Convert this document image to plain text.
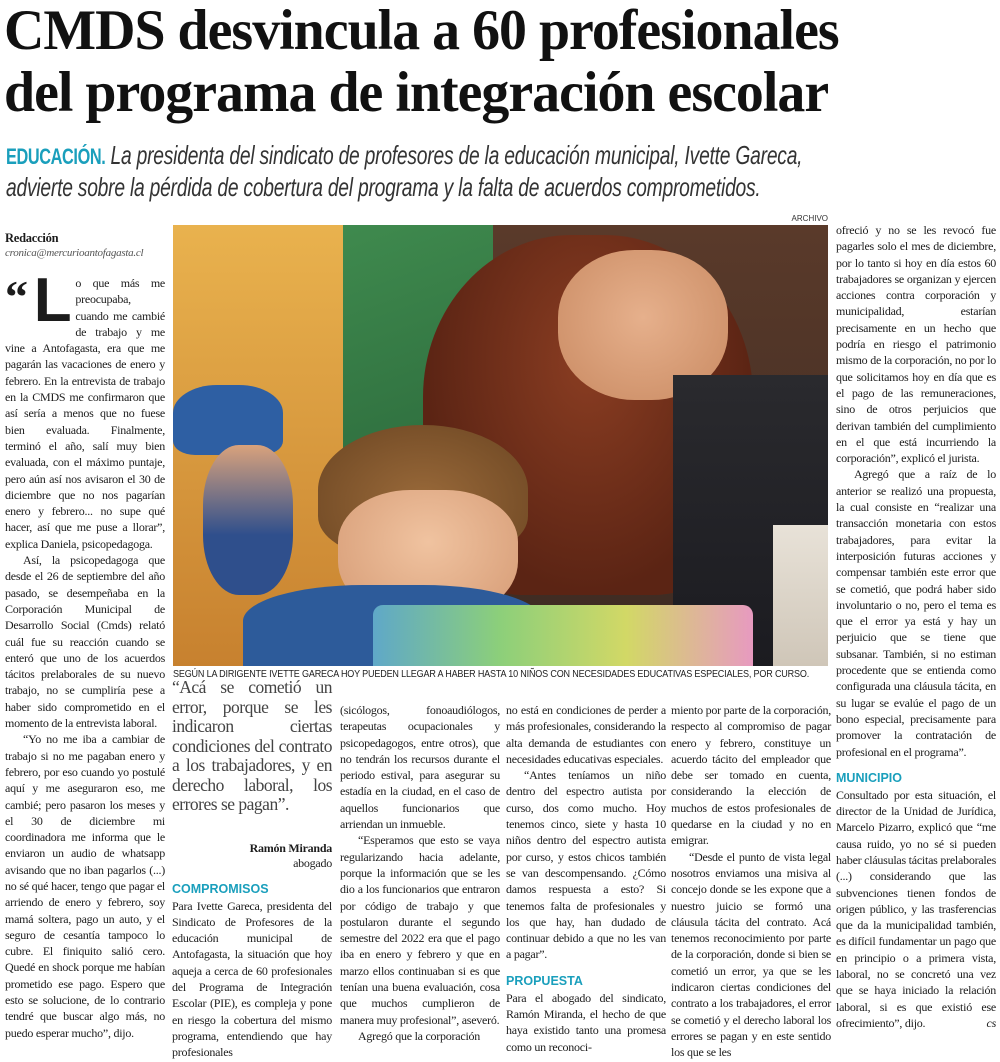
CMDS desvincula a 60 profesionales
del programa de integración escolar
EDUCACIÓN. La presidenta del sindicato de profesores de la educación municipal, Ivette Gareca,
advierte sobre la pérdida de cobertura del programa y la falta de acuerdos comprometidos.
Redacción
cronica@mercurioantofagasta.cl

“ L o que más me preocupaba, cuando me cambié de trabajo y me vine a Antofagasta, era que me pagarán las vacaciones de enero y febrero. En la entrevista de trabajo en la CMDS me confirmaron que así sería a menos que no fuese bien evaluada. Finalmente, terminó el año, salí muy bien evaluada, con el máximo puntaje, pero aún así nos avisaron el 30 de diciembre que no nos pagarían enero y febrero... no supe qué hacer, así que me puse a llorar”, explica Daniela, psicopedagoga.

Así, la psicopedagoga que desde el 26 de septiembre del año pasado, se desempeñaba en la Corporación Municipal de Desarrollo Social (Cmds) relató cuál fue su reacción cuando se enteró que uno de los acuerdos tácitos prelaborales de su nuevo trabajo, no se cumpliría pese a haber sido comprometido en el momento de la entrevista laboral.

“Yo no me iba a cambiar de trabajo si no me pagaban enero y febrero, por eso cuando yo postulé aquí y me aseguraron eso, me cambié; pero pasaron los meses y el 30 de diciembre mi coordinadora me informa que le enviaron un audio de whatsapp avisando que no iban pagarlos (...) no sé qué hacer, tengo que pagar el arriendo de enero y febrero, soy mamá soltera, pago un auto, y el seguro de cesantía tampoco lo cubre. El finiquito salió cero. Quedé en shock porque me habían prometido ese pago. Espero que esto se solucione, de lo contrario tendré que buscar algo más, no puedo esperar mucho”, dijo.

ARCHIVO
SEGÚN LA DIRIGENTE IVETTE GARECA HOY PUEDEN LLEGAR A HABER HASTA 10 NIÑOS CON NECESIDADES EDUCATIVAS ESPECIALES, POR CURSO.
“Acá se cometió un error, porque se les indicaron ciertas condiciones del contrato a los trabajadores, y en derecho laboral, los errores se pagan”.
Ramón Miranda
abogado
COMPROMISOS

Para Ivette Gareca, presidenta del Sindicato de Profesores de la educación municipal de Antofagasta, la situación que hoy aqueja a cerca de 60 profesionales del Programa de Integración Escolar (PIE), es compleja y pone en riesgo la cobertura del mismo programa, entendiendo que hay profesionales

(sicólogos, fonoaudiólogos, terapeutas ocupacionales y psicopedagogos, entre otros), que no tendrán los recursos durante el periodo estival, para asegurar su estadía en la ciudad, en el caso de aquellos funcionarios que arriendan un inmueble.

“Esperamos que esto se vaya regularizando hacia adelante, porque la información que se les dio a los funcionarios que entraron por código de trabajo y que postularon durante el segundo semestre del 2022 era que el pago iba en enero y febrero y que en marzo ellos continuaban si es que tenían una buena evaluación, cosa que muchos cumplieron de manera muy profesional”, aseveró.

Agregó que la corporación

no está en condiciones de perder a más profesionales, considerando la alta demanda de estudiantes con necesidades educativas especiales.

“Antes teníamos un niño dentro del espectro autista por curso, dos como mucho. Hoy tenemos cinco, siete y hasta 10 niños dentro del espectro autista por curso, y estos chicos también se van descompensando. ¿Cómo damos respuesta a esto? Si tenemos falta de profesionales y los que hay, han dudado de continuar debido a que no les van a pagar”.

PROPUESTA

Para el abogado del sindicato, Ramón Miranda, el hecho de que haya existido tanto una promesa como un reconoci-

miento por parte de la corporación, respecto al compromiso de pagar enero y febrero, constituye un acuerdo tácito del empleador que debe ser tomado en cuenta, considerando la elección de muchos de estos profesionales de quedarse en la ciudad y no en emigrar.

“Desde el punto de vista legal nosotros enviamos una misiva al concejo donde se les expone que a nuestro juicio se formó una cláusula tácita del contrato. Acá tenemos reconocimiento por parte de la corporación, donde si bien se cometió un error, ya que se les indicaron ciertas condiciones del contrato a los trabajadores, el error se cometió y el derecho laboral los errores se pagan y en este sentido los que se les

ofreció y no se les revocó fue pagarles solo el mes de diciembre, por lo tanto si hoy en día estos 60 trabajadores se organizan y ejercen acciones contra corporación y municipalidad, estarían precisamente en un hecho que podría en riesgo el patrimonio mismo de la corporación, no por lo que solicitamos hoy en día que es el pago de las remuneraciones, sino de otros perjuicios que derivan también del cumplimiento en el que está incurriendo la corporación”, explicó el jurista.

Agregó que a raíz de lo anterior se realizó una propuesta, la cual consiste en “realizar una transacción monetaria con estos trabajadores, para evitar la interposición futuras acciones y compensar también este error que se cometió, que podrá haber sido involuntario o no, pero el tema es que el error ya está y hay un perjuicio que se tiene que subsanar. También, si no estiman procedente que se entienda como configurada una cláusula tácita, en su lugar se evalúe el pago de un bono especial, precisamente para promover la contratación de profesional en el programa”.

MUNICIPIO

Consultado por esta situación, el director de la Unidad de Jurídica, Marcelo Pizarro, explicó que “me causa ruido, yo no sé si pueden haber cláusulas tácitas prelaborales (...) considerando que las subvenciones tienen fondos de origen público, y las trasferencias que da la municipalidad también, es difícil fundamentar un pago que en principio o a primera vista, laboral, no se concretó una vez que se haya iniciado la relación laboral, si es que existió ese ofrecimiento”, dijo.	cs
